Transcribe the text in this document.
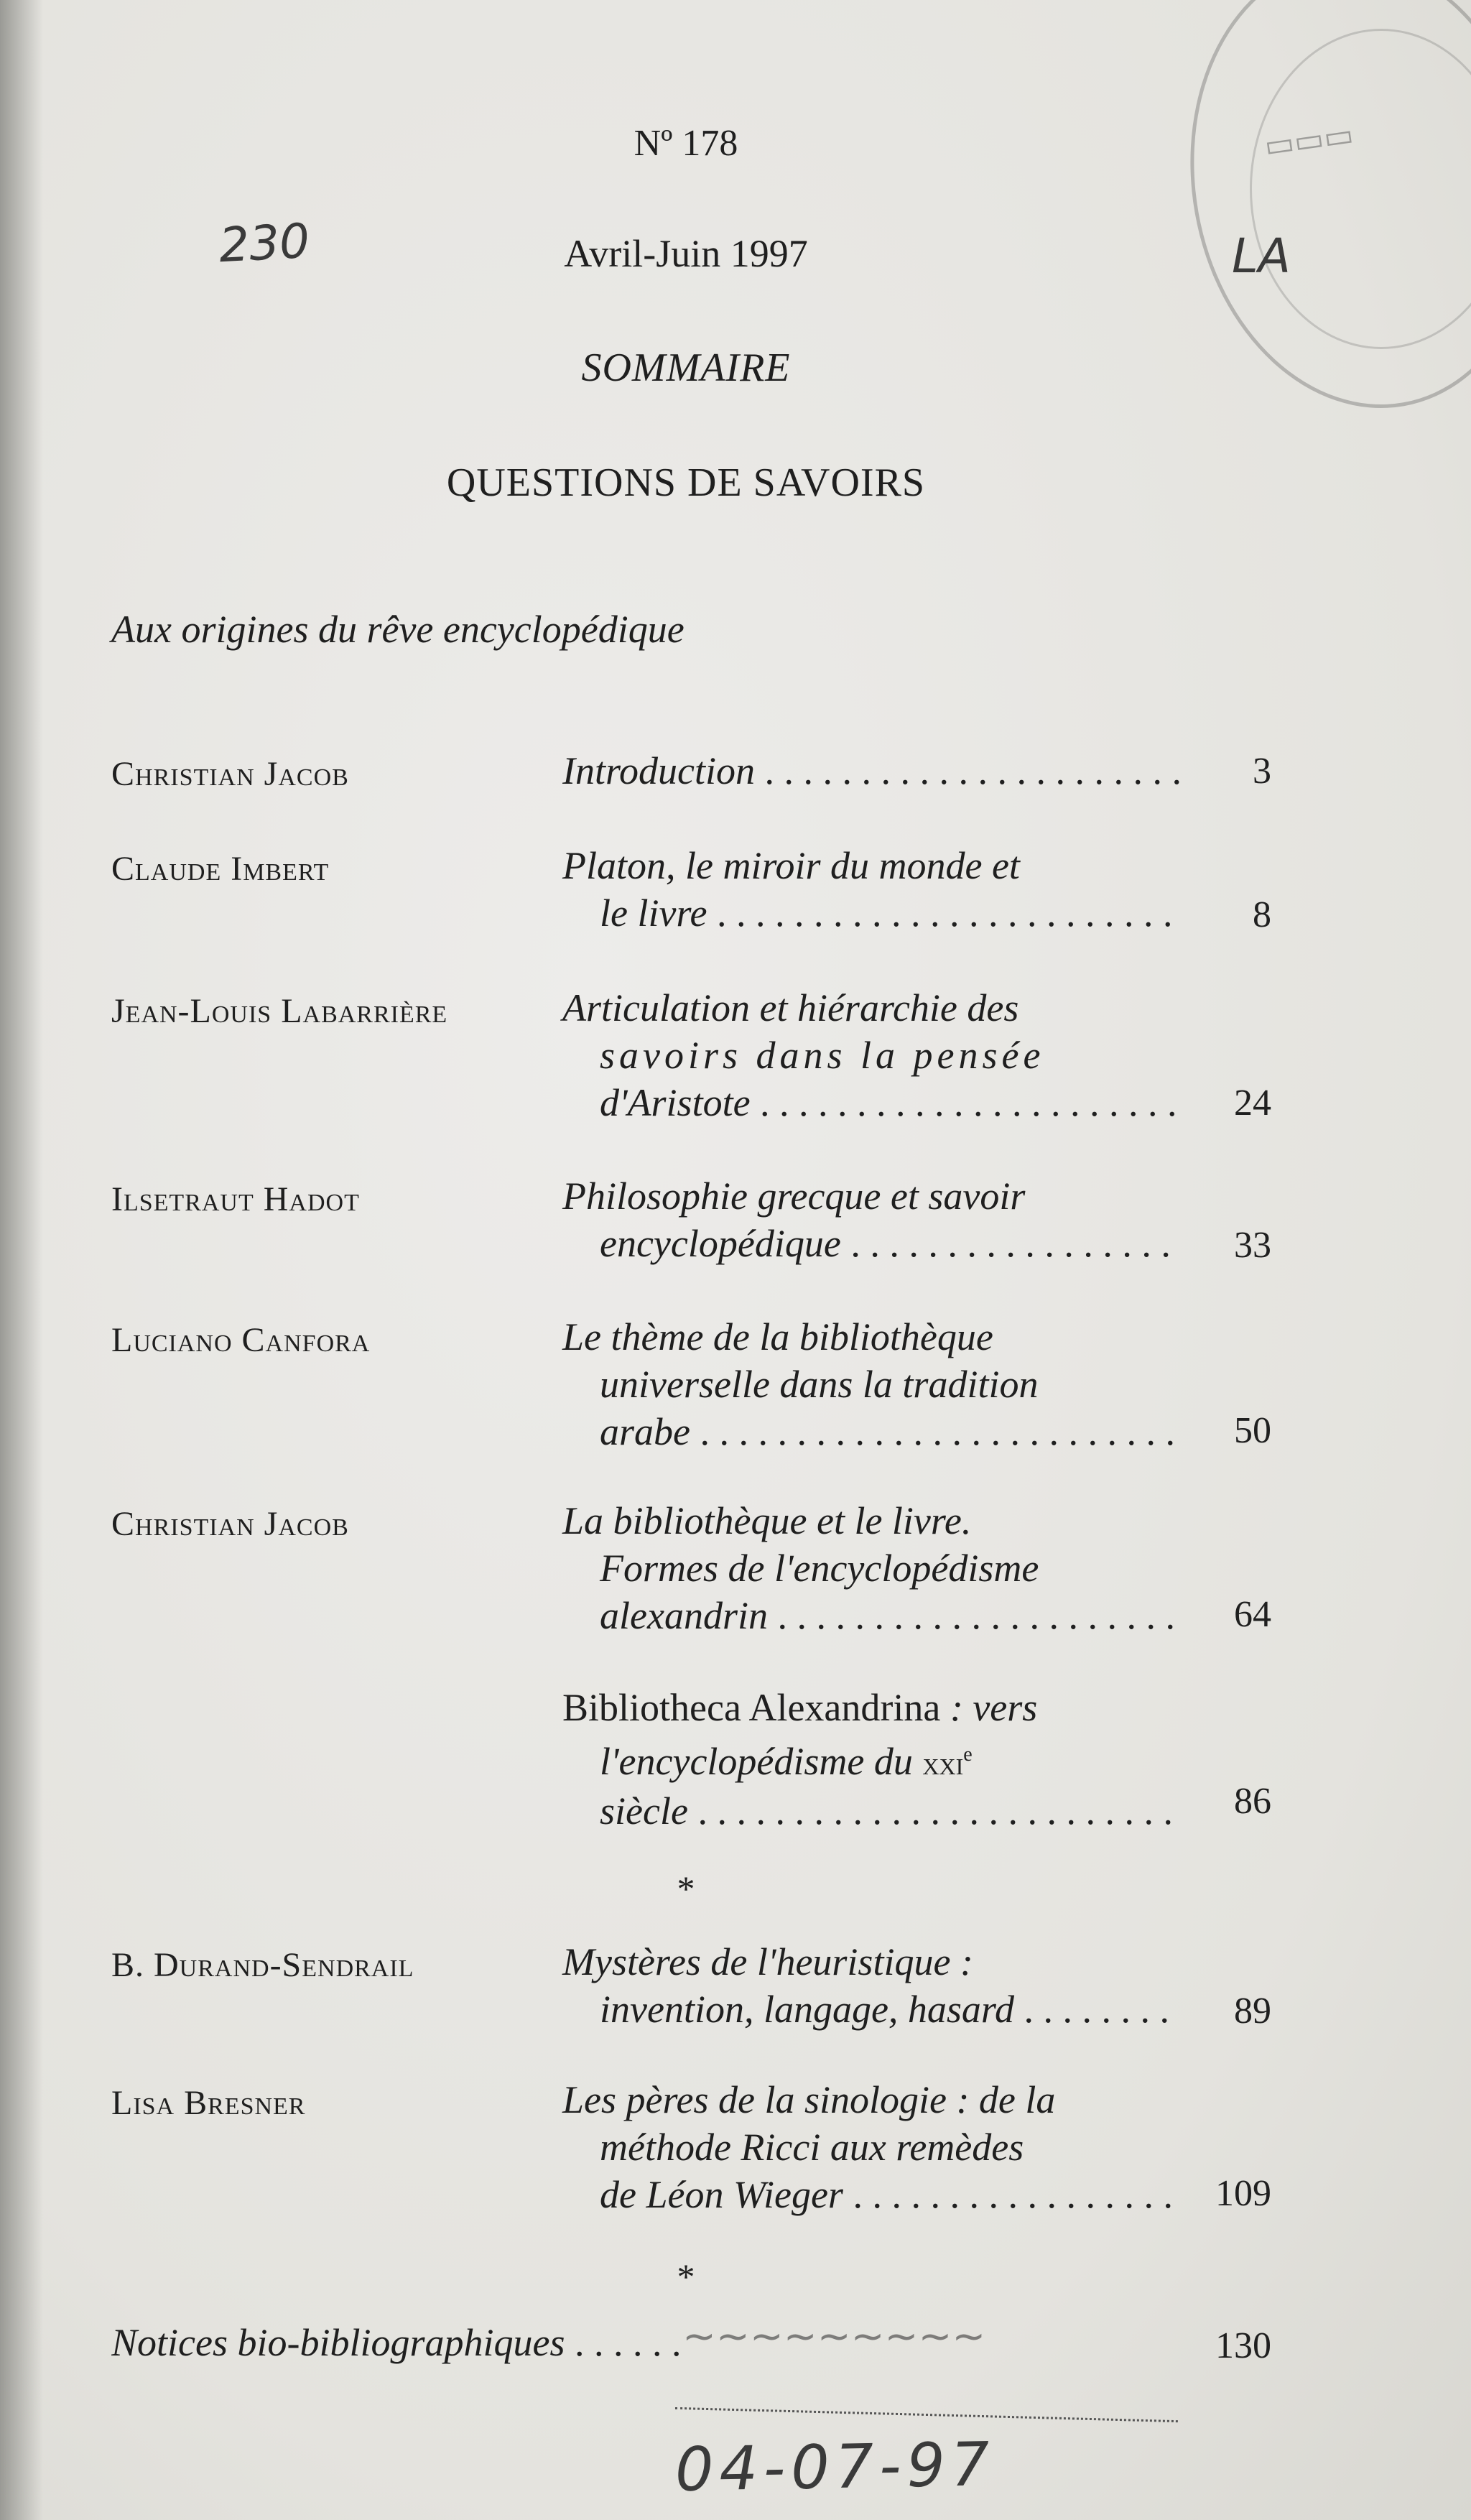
▭▭▭
Nº 178
Avril-Juin 1997
SOMMAIRE
QUESTIONS DE SAVOIRS
Aux origines du rêve encyclopédique
230	LA
Christian Jacob	Introduction . . .	3
Claude Imbert	Platon, le miroir du monde et
le livre . . .	8
Jean-Louis Labarrière	Articulation et hiérarchie des
savoirs dans la pensée
d'Aristote . . .	24
Ilsetraut Hadot	Philosophie grecque et savoir
encyclopédique . . .	33
Luciano Canfora	Le thème de la bibliothèque
universelle dans la tradition
arabe . . .	50
Christian Jacob	La bibliothèque et le livre.
Formes de l'encyclopédisme
alexandrin . . .	64
Bibliotheca Alexandrina : vers
l'encyclopédisme du xxi$^e$
siècle . . .	86
*
B. Durand-Sendrail	Mystères de l'heuristique :
invention, langage, hasard . . .	89
Lisa Bresner	Les pères de la sinologie : de la
méthode Ricci aux remèdes
de Léon Wieger . . .	109
*
Notices bio-bibliographiques . . .	130
~~~~~~~~~
04-07-97
